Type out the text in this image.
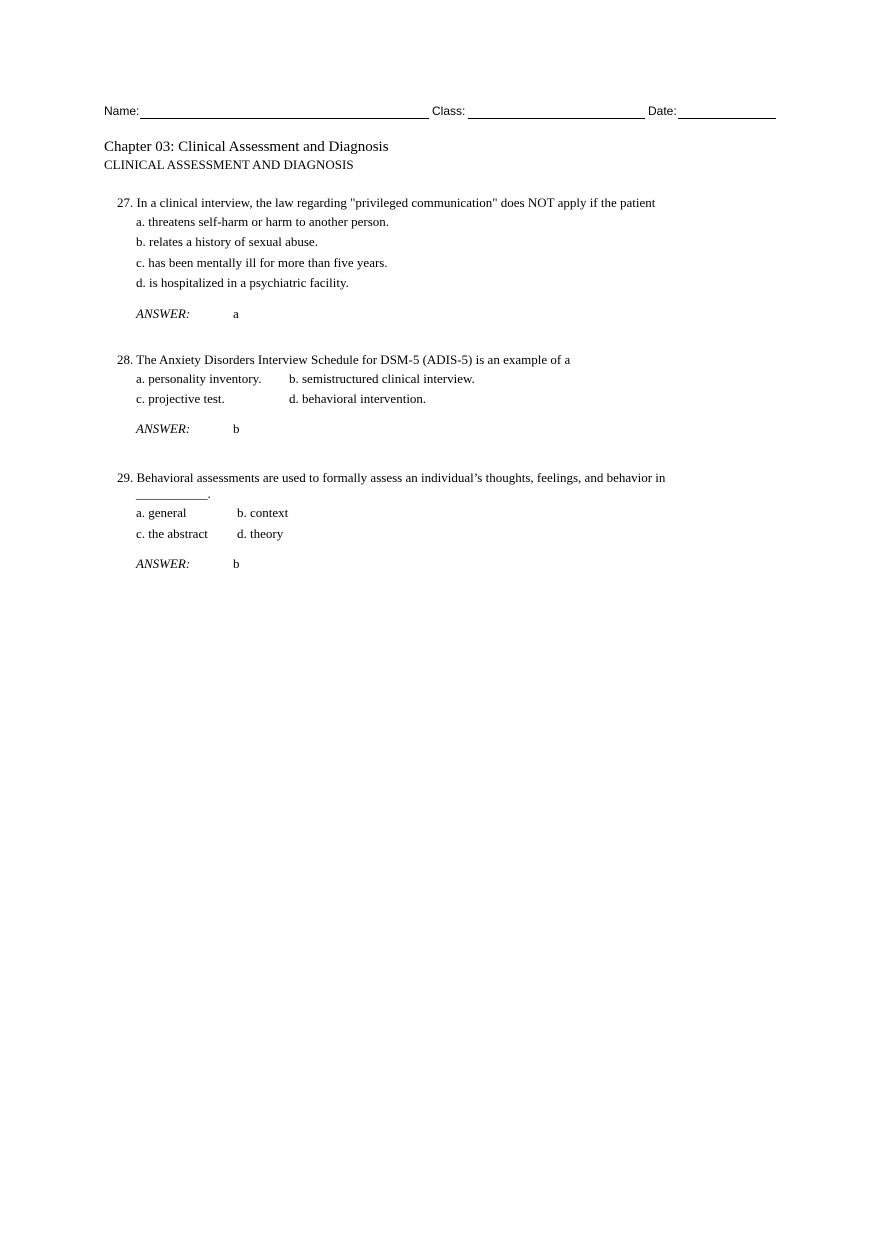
Name:	Class:	Date:
Chapter 03: Clinical Assessment and Diagnosis
CLINICAL ASSESSMENT AND DIAGNOSIS
27. In a clinical interview, the law regarding "privileged communication" does NOT apply if the patient
a. threatens self-harm or harm to another person.
b. relates a history of sexual abuse.
c. has been mentally ill for more than five years.
d. is hospitalized in a psychiatric facility.
ANSWER:	a
28. The Anxiety Disorders Interview Schedule for DSM-5 (ADIS-5) is an example of a
a. personality inventory. b. semistructured clinical interview.
c. projective test.	d. behavioral intervention.
ANSWER:	b
29. Behavioral assessments are used to formally assess an individual’s thoughts, feelings, and behavior in
___________.
a. general	b. context
c. the abstract d. theory
ANSWER:	b
